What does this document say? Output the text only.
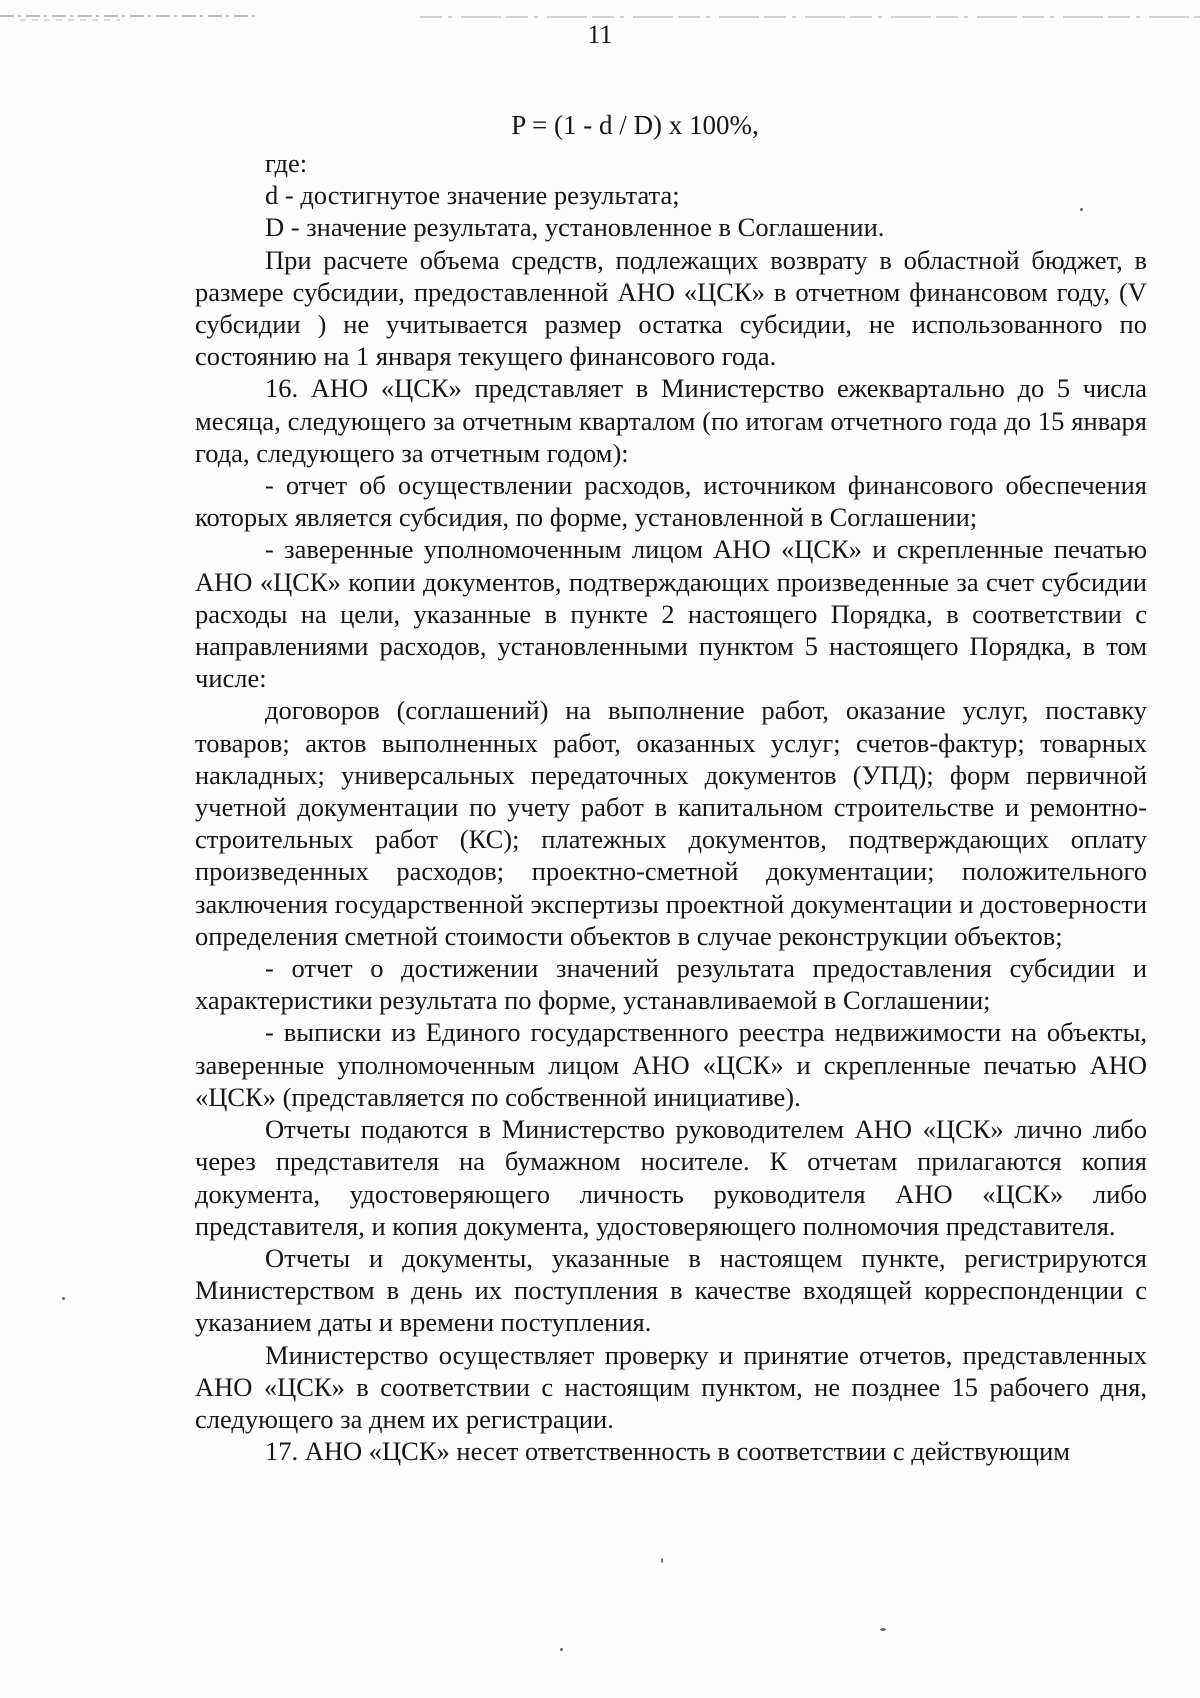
11
P = (1 - d / D) x 100%,

где:

d - достигнутое значение результата;

D - значение результата, установленное в Соглашении.

При расчете объема средств, подлежащих возврату в областной бюджет, в размере субсидии, предоставленной АНО «ЦСК» в отчетном финансовом году, (V субсидии ) не учитывается размер остатка субсидии, не использованного по состоянию на 1 января текущего финансового года.

16. АНО «ЦСК» представляет в Министерство ежеквартально до 5 числа месяца, следующего за отчетным кварталом (по итогам отчетного года до 15 января года, следующего за отчетным годом):

- отчет об осуществлении расходов, источником финансового обеспечения которых является субсидия, по форме, установленной в Соглашении;

- заверенные уполномоченным лицом АНО «ЦСК» и скрепленные печатью АНО «ЦСК» копии документов, подтверждающих произведенные за счет субсидии расходы на цели, указанные в пункте 2 настоящего Порядка, в соответствии с направлениями расходов, установленными пунктом 5 настоящего Порядка, в том числе:

договоров (соглашений) на выполнение работ, оказание услуг, поставку товаров; актов выполненных работ, оказанных услуг; счетов-фактур; товарных накладных; универсальных передаточных документов (УПД); форм первичной учетной документации по учету работ в капитальном строительстве и ремонтно-строительных работ (КС); платежных документов, подтверждающих оплату произведенных расходов; проектно-сметной документации; положительного заключения государственной экспертизы проектной документации и достоверности определения сметной стоимости объектов в случае реконструкции объектов;

- отчет о достижении значений результата предоставления субсидии и характеристики результата по форме, устанавливаемой в Соглашении;

- выписки из Единого государственного реестра недвижимости на объекты, заверенные уполномоченным лицом АНО «ЦСК» и скрепленные печатью АНО «ЦСК» (представляется по собственной инициативе).

Отчеты подаются в Министерство руководителем АНО «ЦСК» лично либо через представителя на бумажном носителе. К отчетам прилагаются копия документа, удостоверяющего личность руководителя АНО «ЦСК» либо представителя, и копия документа, удостоверяющего полномочия представителя.

Отчеты и документы, указанные в настоящем пункте, регистрируются Министерством в день их поступления в качестве входящей корреспонденции с указанием даты и времени поступления.

Министерство осуществляет проверку и принятие отчетов, представленных АНО «ЦСК» в соответствии с настоящим пунктом, не позднее 15 рабочего дня, следующего за днем их регистрации.

17. АНО «ЦСК» несет ответственность в соответствии с действующим
